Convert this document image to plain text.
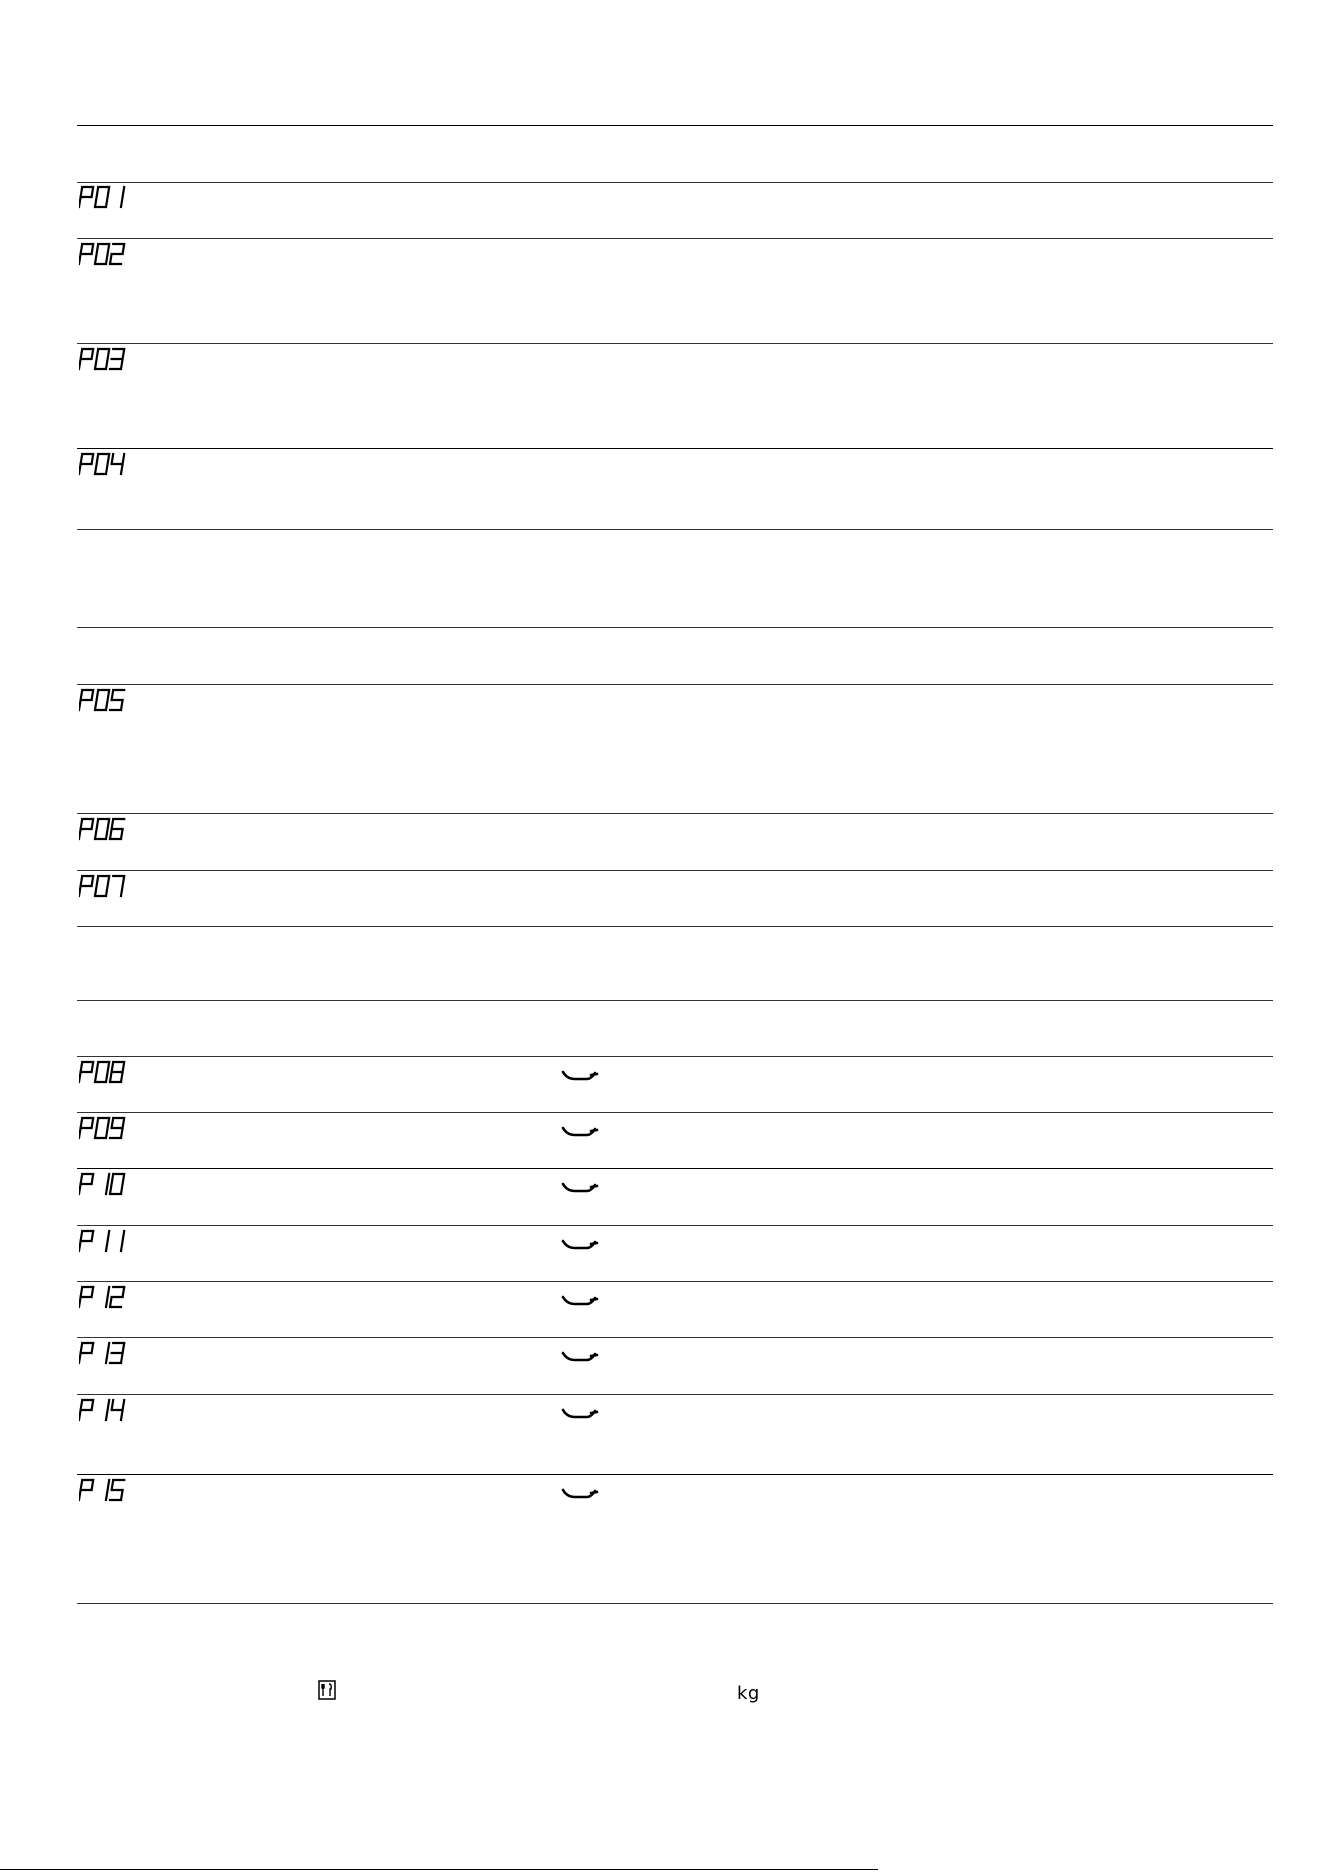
kg
